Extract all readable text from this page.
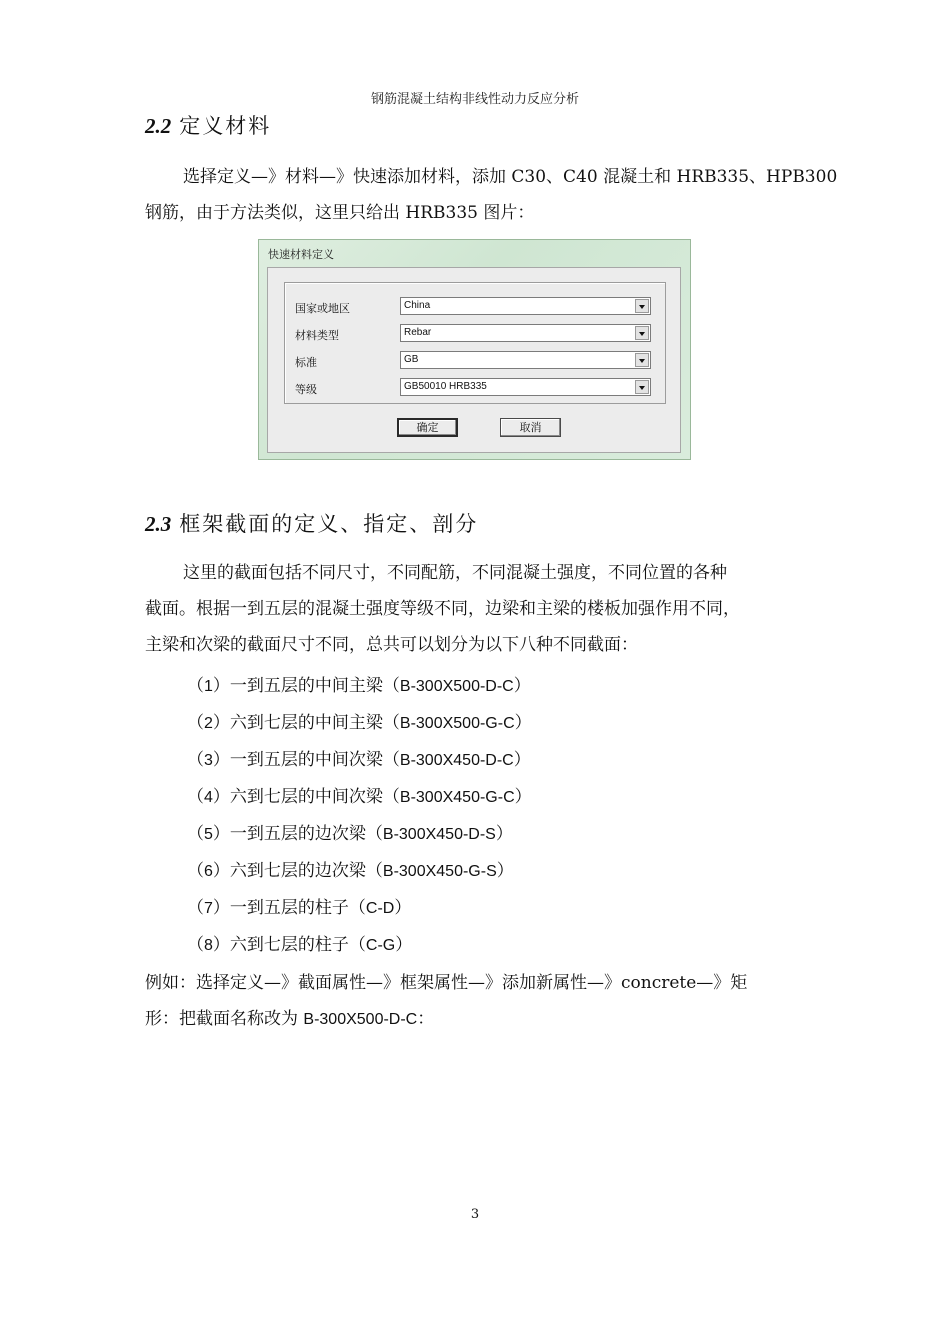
钢筋混凝土结构非线性动力反应分析
2.2 定义材料
选择定义—》材料—》快速添加材料，添加 C30、C40 混凝土和 HRB335、HPB300
钢筋，由于方法类似，这里只给出 HRB335 图片：
快速材料定义
国家或地区	China
材料类型	Rebar
标准	GB
等级	GB50010 HRB335
确定	取消
2.3 框架截面的定义、指定、剖分
这里的截面包括不同尺寸，不同配筋，不同混凝土强度，不同位置的各种
截面。根据一到五层的混凝土强度等级不同，边梁和主梁的楼板加强作用不同，
主梁和次梁的截面尺寸不同，总共可以划分为以下八种不同截面：
（1）一到五层的中间主梁（B-300X500-D-C）
（2）六到七层的中间主梁（B-300X500-G-C）
（3）一到五层的中间次梁（B-300X450-D-C）
（4）六到七层的中间次梁（B-300X450-G-C）
（5）一到五层的边次梁（B-300X450-D-S）
（6）六到七层的边次梁（B-300X450-G-S）
（7）一到五层的柱子（C-D）
（8）六到七层的柱子（C-G）
例如：选择定义—》截面属性—》框架属性—》添加新属性—》concrete—》矩
形：把截面名称改为 B-300X500-D-C：
3
